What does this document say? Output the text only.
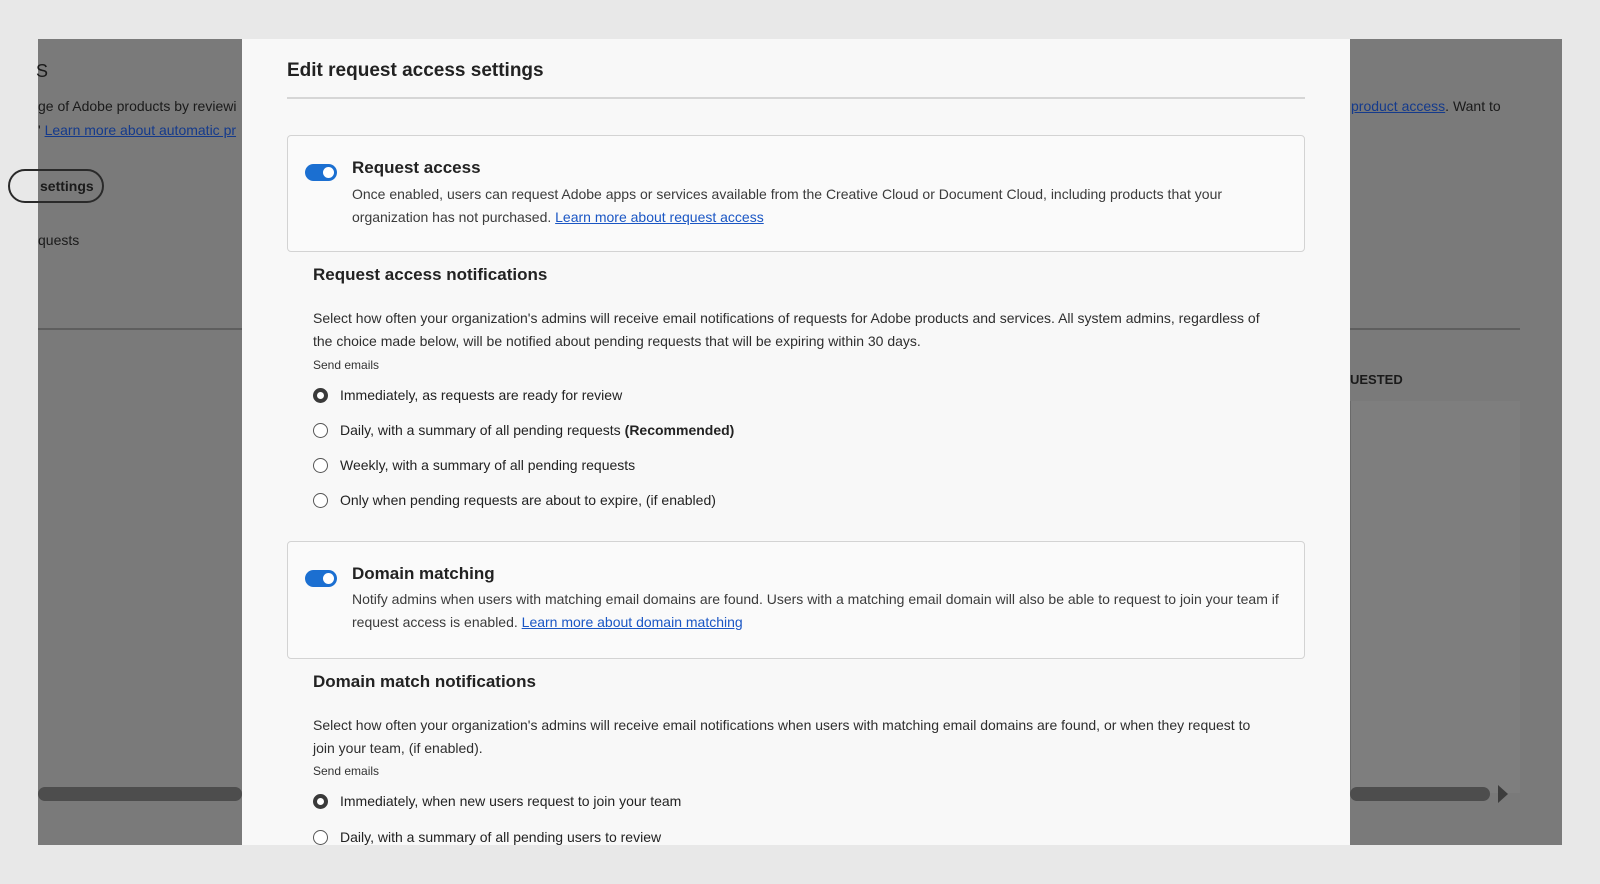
S
ge of Adobe products by reviewi
' Learn more about automatic pr
settings
quests
product access. Want to
UESTED
Edit request access settings
Request access
Once enabled, users can request Adobe apps or services available from the Creative Cloud or Document Cloud, including products that your organization has not purchased. Learn more about request access
Request access notifications
Select how often your organization's admins will receive email notifications of requests for Adobe products and services. All system admins, regardless of the choice made below, will be notified about pending requests that will be expiring within 30 days.
Send emails
Immediately, as requests are ready for review
Daily, with a summary of all pending requests (Recommended)
Weekly, with a summary of all pending requests
Only when pending requests are about to expire, (if enabled)
Domain matching
Notify admins when users with matching email domains are found. Users with a matching email domain will also be able to request to join your team if request access is enabled. Learn more about domain matching
Domain match notifications
Select how often your organization's admins will receive email notifications when users with matching email domains are found, or when they request to join your team, (if enabled).
Send emails
Immediately, when new users request to join your team
Daily, with a summary of all pending users to review
